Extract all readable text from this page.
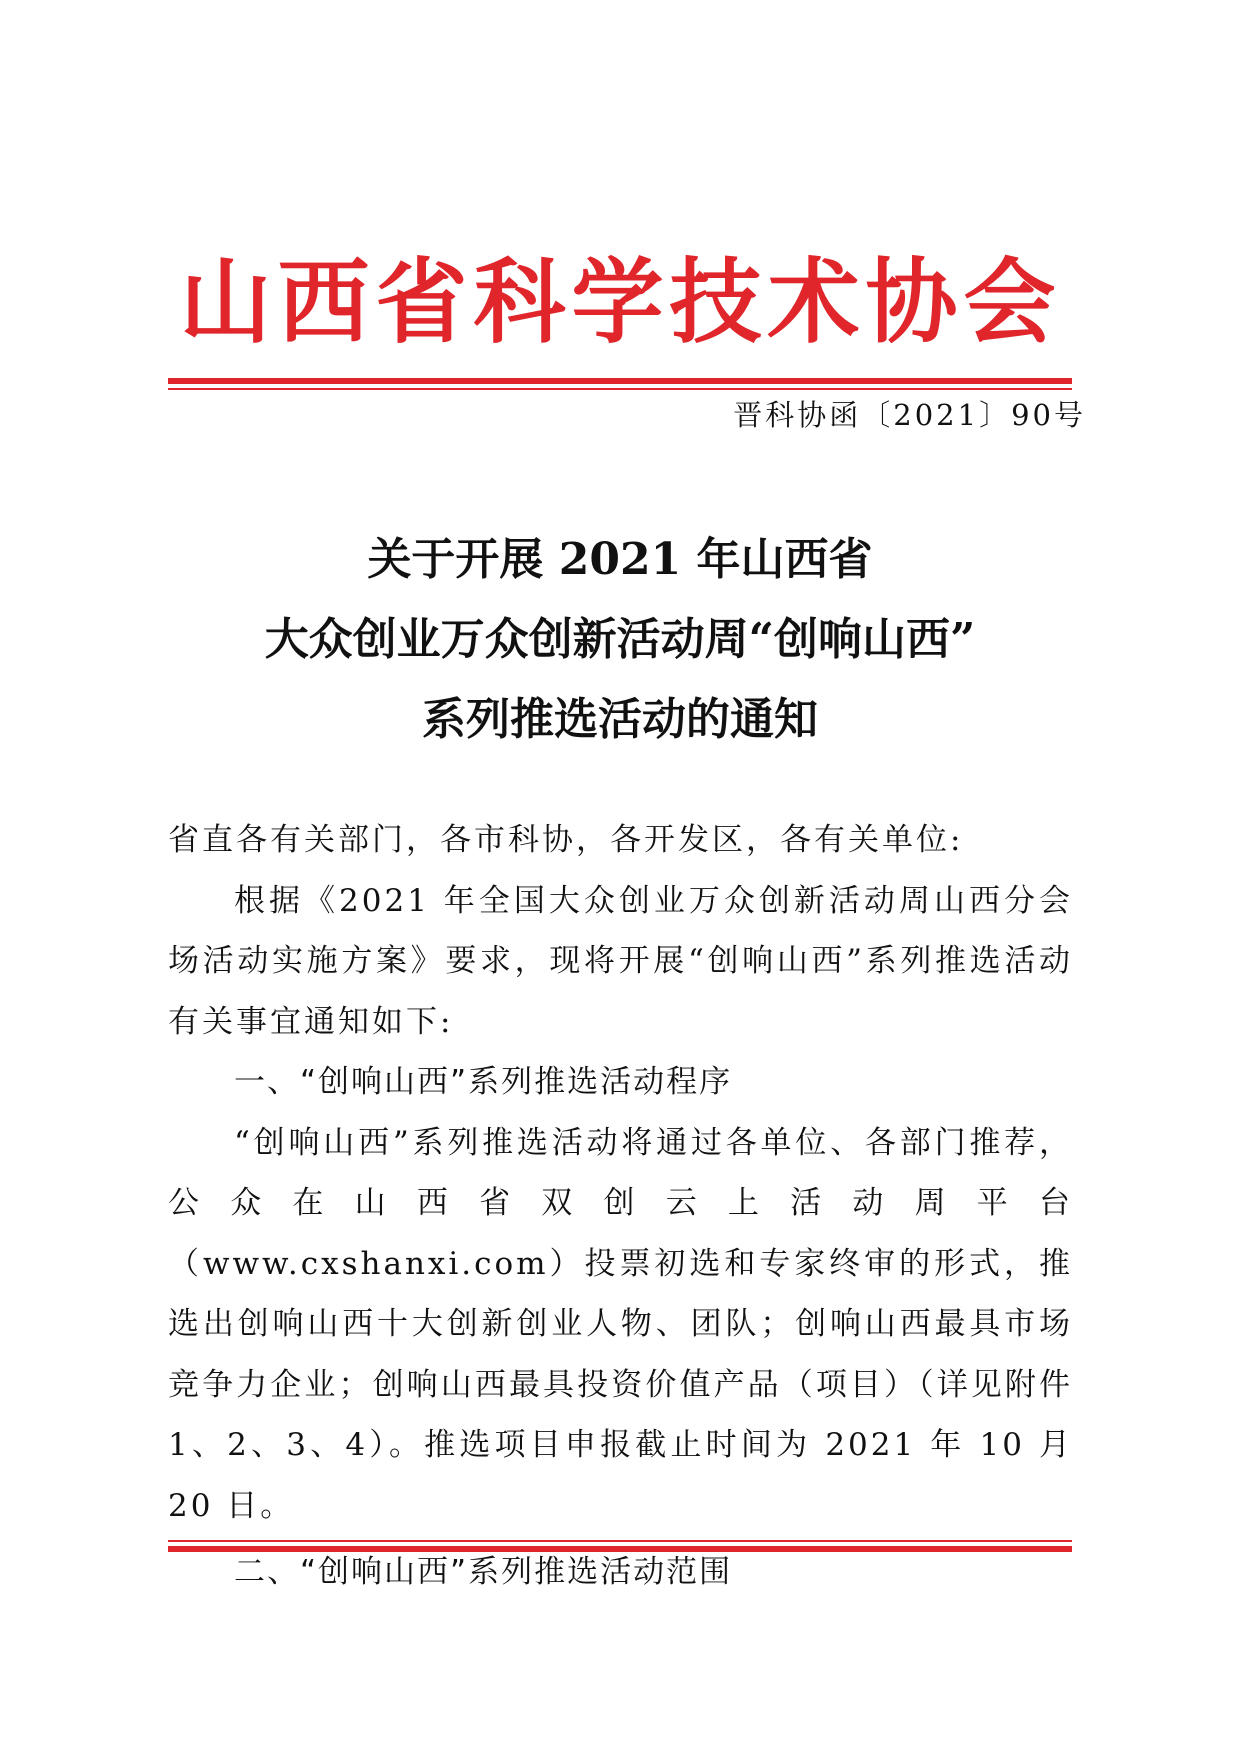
山西省科学技术协会
晋科协函〔2021〕90号
关于开展 2021 年山西省
大众创业万众创新活动周“创响山西”
系列推选活动的通知

省直各有关部门，各市科协，各开发区，各有关单位:

根据《2021 年全国大众创业万众创新活动周山西分会场活动实施方案》要求，现将开展“创响山西”系列推选活动有关事宜通知如下:

一、“创响山西”系列推选活动程序

“创响山西”系列推选活动将通过各单位、各部门推荐，公众在山西省双创云上活动周平台（www.cxshanxi.com）投票初选和专家终审的形式，推选出创响山西十大创新创业人物、团队；创响山西最具市场竞争力企业；创响山西最具投资价值产品（项目）（详见附件 1、2、3、4）。推选项目申报截止时间为 2021 年 10 月 20 日。

二、“创响山西”系列推选活动范围
